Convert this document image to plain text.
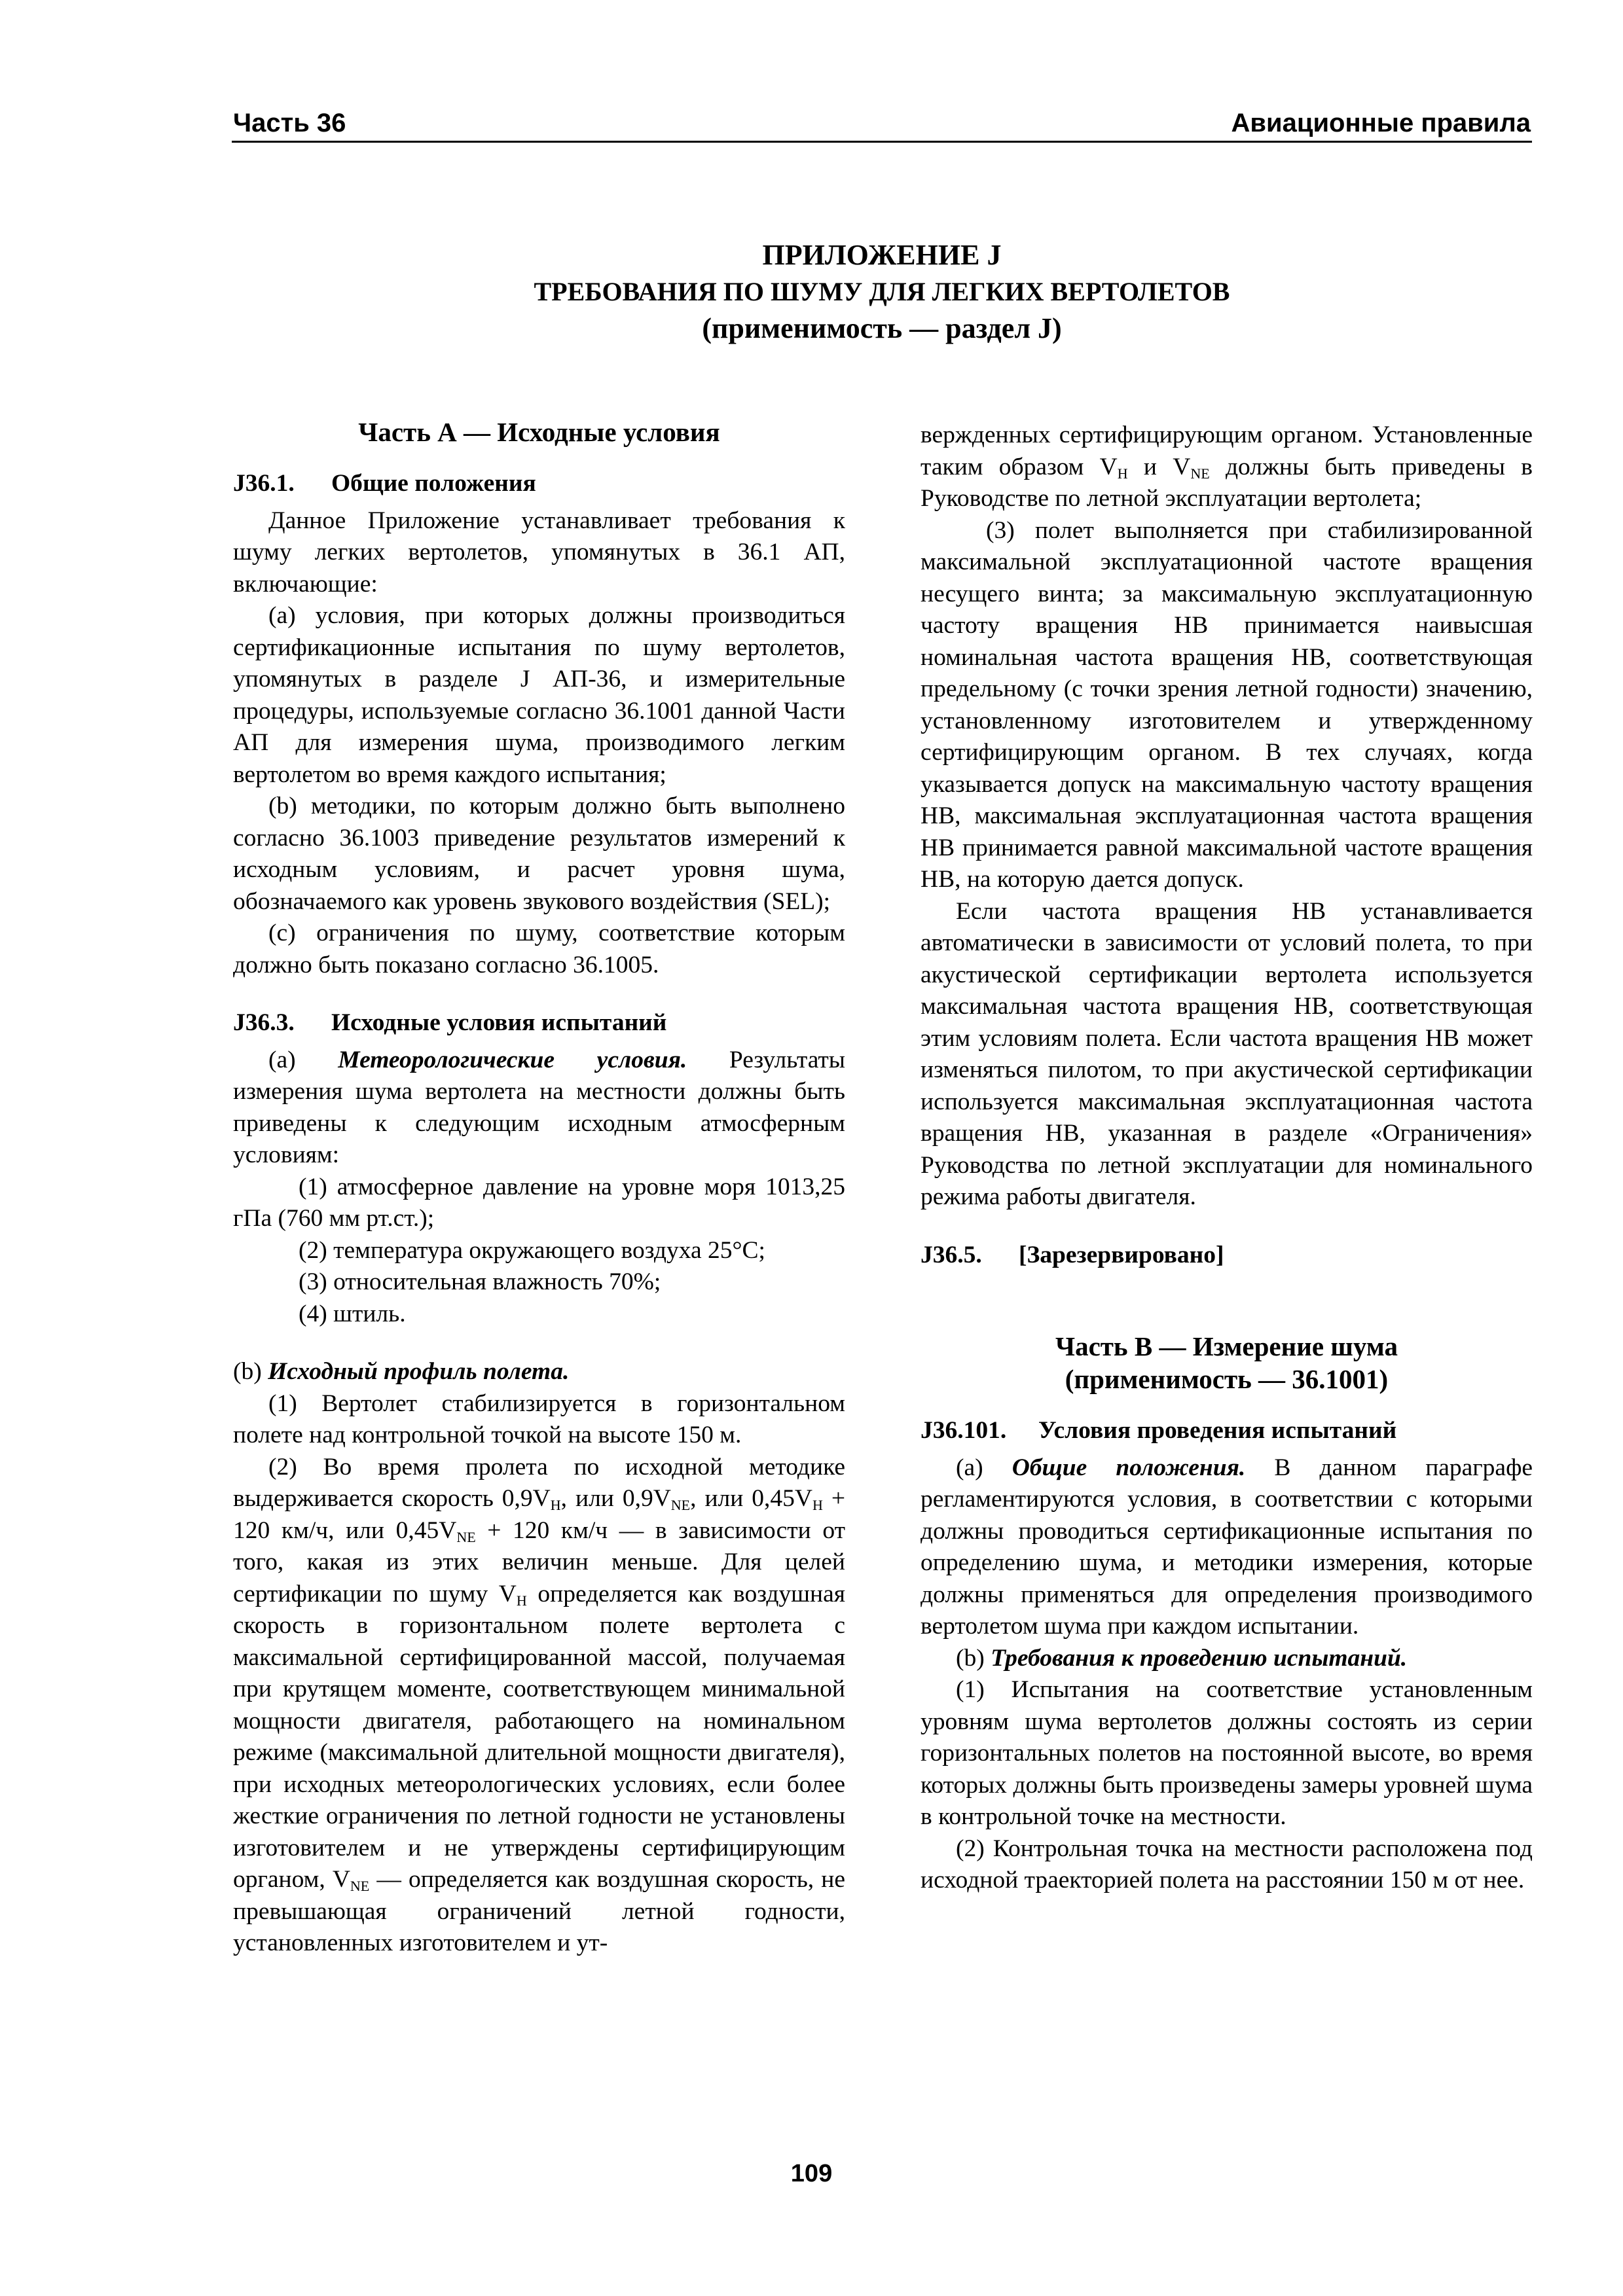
Часть 36	Авиационные правила
ПРИЛОЖЕНИЕ J
ТРЕБОВАНИЯ ПО ШУМУ ДЛЯ ЛЕГКИХ ВЕРТОЛЕТОВ
(применимость — раздел J)
Часть А — Исходные условия
J36.1. Общие положения

Данное Приложение устанавливает требования к шуму легких вертолетов, упомянутых в 36.1 АП, включающие:

(a) условия, при которых должны производиться сертификационные испытания по шуму вертолетов, упомянутых в разделе J АП-36, и измерительные процедуры, используемые согласно 36.1001 данной Части АП для измерения шума, производимого легким вертолетом во время каждого испытания;

(b) методики, по которым должно быть выполнено согласно 36.1003 приведение результатов измерений к исходным условиям, и расчет уровня шума, обозначаемого как уровень звукового воздействия (SEL);

(c) ограничения по шуму, соответствие которым должно быть показано согласно 36.1005.

J36.3. Исходные условия испытаний

(a) Метеорологические условия. Результаты измерения шума вертолета на местности должны быть приведены к следующим исходным атмосферным условиям:

(1) атмосферное давление на уровне моря 1013,25 гПа (760 мм рт.ст.);

(2) температура окружающего воздуха 25°С;

(3) относительная влажность 70%;

(4) штиль.

(b) Исходный профиль полета.

(1) Вертолет стабилизируется в горизонтальном полете над контрольной точкой на высоте 150 м.

(2) Во время пролета по исходной методике выдерживается скорость $0,9V_H$, или $0,9V_{NE}$, или $0,45V_H + 120$ км/ч, или $0,45V_{NE} + 120$ км/ч — в зависимости от того, какая из этих величин меньше. Для целей сертификации по шуму $V_H$ определяется как воздушная скорость в горизонтальном полете вертолета с максимальной сертифицированной массой, получаемая при крутящем моменте, соответствующем минимальной мощности двигателя, работающего на номинальном режиме (максимальной длительной мощности двигателя), при исходных метеорологических условиях, если более жесткие ограничения по летной годности не установлены изготовителем и не утверждены сертифицирующим органом, $V_{NE}$ — определяется как воздушная скорость, не превышающая ограничений летной годности, установленных изготовителем и ут-

вержденных сертифицирующим органом. Установленные таким образом $V_H$ и $V_{NE}$ должны быть приведены в Руководстве по летной эксплуатации вертолета;

(3) полет выполняется при стабилизированной максимальной эксплуатационной частоте вращения несущего винта; за максимальную эксплуатационную частоту вращения НВ принимается наивысшая номинальная частота вращения НВ, соответствующая предельному (с точки зрения летной годности) значению, установленному изготовителем и утвержденному сертифицирующим органом. В тех случаях, когда указывается допуск на максимальную частоту вращения НВ, максимальная эксплуатационная частота вращения НВ принимается равной максимальной частоте вращения НВ, на которую дается допуск.

Если частота вращения НВ устанавливается автоматически в зависимости от условий полета, то при акустической сертификации вертолета используется максимальная частота вращения НВ, соответствующая этим условиям полета. Если частота вращения НВ может изменяться пилотом, то при акустической сертификации используется максимальная эксплуатационная частота вращения НВ, указанная в разделе «Ограничения» Руководства по летной эксплуатации для номинального режима работы двигателя.

J36.5. [Зарезервировано]
Часть В — Измерение шума
(применимость — 36.1001)
J36.101. Условия проведения испытаний

(a) Общие положения. В данном параграфе регламентируются условия, в соответствии с которыми должны проводиться сертификационные испытания по определению шума, и методики измерения, которые должны применяться для определения производимого вертолетом шума при каждом испытании.

(b) Требования к проведению испытаний.

(1) Испытания на соответствие установленным уровням шума вертолетов должны состоять из серии горизонтальных полетов на постоянной высоте, во время которых должны быть произведены замеры уровней шума в контрольной точке на местности.

(2) Контрольная точка на местности расположена под исходной траекторией полета на расстоянии 150 м от нее.

109
